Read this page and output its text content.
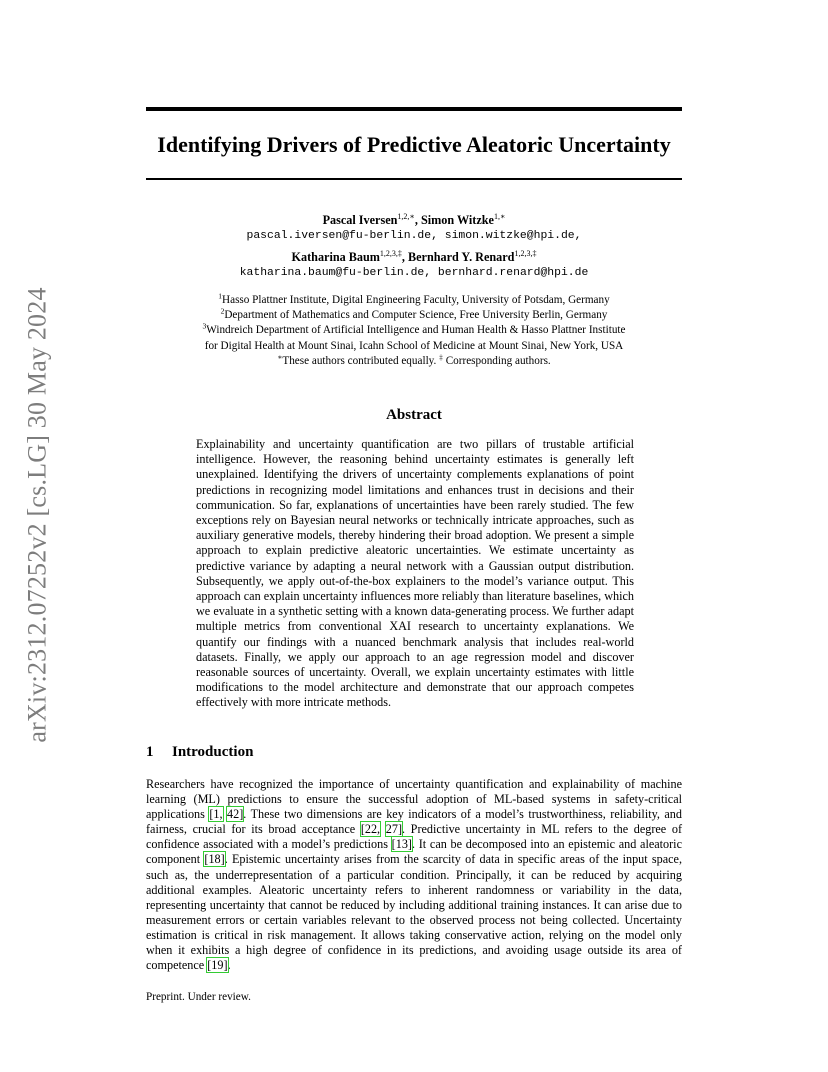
arXiv:2312.07252v2 [cs.LG] 30 May 2024
Identifying Drivers of Predictive Aleatoric Uncertainty
Pascal Iversen$^{1,2,∗}$, Simon Witzke$^{1,∗}$
pascal.iversen@fu-berlin.de, simon.witzke@hpi.de,
Katharina Baum$^{1,2,3,\ddagger}$, Bernhard Y. Renard$^{1,2,3,\ddagger}$
katharina.baum@fu-berlin.de, bernhard.renard@hpi.de
$^1$Hasso Plattner Institute, Digital Engineering Faculty, University of Potsdam, Germany
$^2$Department of Mathematics and Computer Science, Free University Berlin, Germany
$^3$Windreich Department of Artificial Intelligence and Human Health & Hasso Plattner Institute
for Digital Health at Mount Sinai, Icahn School of Medicine at Mount Sinai, New York, USA
∗These authors contributed equally. ‡ Corresponding authors.
Abstract

Explainability and uncertainty quantification are two pillars of trustable artificial intelligence. However, the reasoning behind uncertainty estimates is generally left unexplained. Identifying the drivers of uncertainty complements explanations of point predictions in recognizing model limitations and enhances trust in decisions and their communication. So far, explanations of uncertainties have been rarely studied. The few exceptions rely on Bayesian neural networks or technically intricate approaches, such as auxiliary generative models, thereby hindering their broad adoption. We present a simple approach to explain predictive aleatoric uncertainties. We estimate uncertainty as predictive variance by adapting a neural network with a Gaussian output distribution. Subsequently, we apply out-of-the-box explainers to the model’s variance output. This approach can explain uncertainty influences more reliably than literature baselines, which we evaluate in a synthetic setting with a known data-generating process. We further adapt multiple metrics from conventional XAI research to uncertainty explanations. We quantify our findings with a nuanced benchmark analysis that includes real-world datasets. Finally, we apply our approach to an age regression model and discover reasonable sources of uncertainty. Overall, we explain uncertainty estimates with little modifications to the model architecture and demonstrate that our approach competes effectively with more intricate methods.

1 Introduction

Researchers have recognized the importance of uncertainty quantification and explainability of machine learning (ML) predictions to ensure the successful adoption of ML-based systems in safety-critical applications [1, 42]. These two dimensions are key indicators of a model’s trustworthiness, reliability, and fairness, crucial for its broad acceptance [22, 27]. Predictive uncertainty in ML refers to the degree of confidence associated with a model’s predictions [13]. It can be decomposed into an epistemic and aleatoric component [18]. Epistemic uncertainty arises from the scarcity of data in specific areas of the input space, such as, the underrepresentation of a particular condition. Principally, it can be reduced by acquiring additional examples. Aleatoric uncertainty refers to inherent randomness or variability in the data, representing uncertainty that cannot be reduced by including additional training instances. It can arise due to measurement errors or certain variables relevant to the observed process not being collected. Uncertainty estimation is critical in risk management. It allows taking conservative action, relying on the model only when it exhibits a high degree of confidence in its predictions, and avoiding usage outside its area of competence [19].

Preprint. Under review.
